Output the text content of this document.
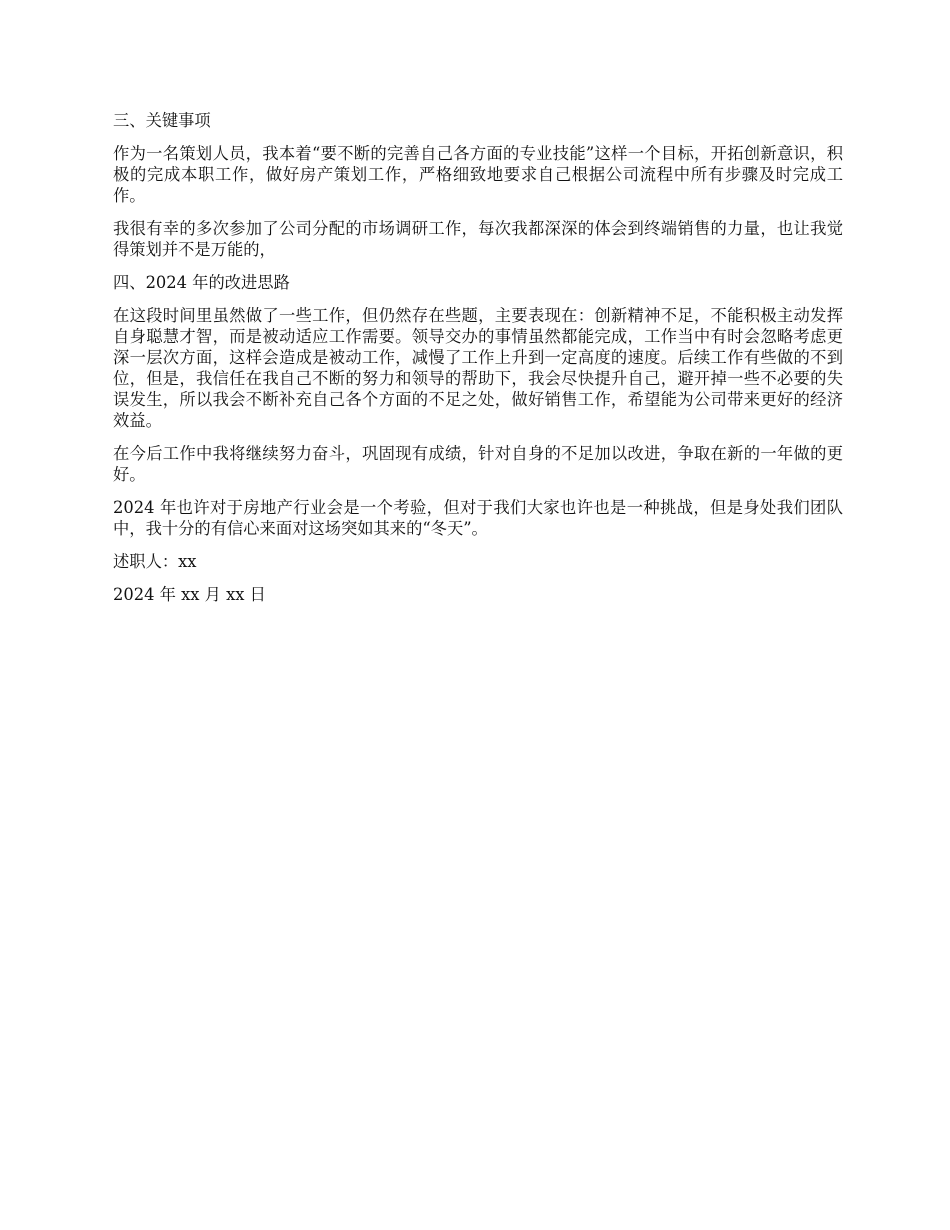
三、关键事项

作为一名策划人员，我本着“要不断的完善自己各方面的专业技能”这样一个目标，开拓创新意识，积极的完成本职工作，做好房产策划工作，严格细致地要求自己根据公司流程中所有步骤及时完成工作。

我很有幸的多次参加了公司分配的市场调研工作，每次我都深深的体会到终端销售的力量，也让我觉得策划并不是万能的，

四、2024 年的改进思路

在这段时间里虽然做了一些工作，但仍然存在些题，主要表现在：创新精神不足，不能积极主动发挥自身聪慧才智，而是被动适应工作需要。领导交办的事情虽然都能完成，工作当中有时会忽略考虑更深一层次方面，这样会造成是被动工作，减慢了工作上升到一定高度的速度。后续工作有些做的不到位，但是，我信任在我自己不断的努力和领导的帮助下，我会尽快提升自己，避开掉一些不必要的失误发生，所以我会不断补充自己各个方面的不足之处，做好销售工作，希望能为公司带来更好的经济效益。

在今后工作中我将继续努力奋斗，巩固现有成绩，针对自身的不足加以改进，争取在新的一年做的更好。

2024 年也许对于房地产行业会是一个考验，但对于我们大家也许也是一种挑战，但是身处我们团队中，我十分的有信心来面对这场突如其来的“冬天”。

述职人：xx

2024 年 xx 月 xx 日
